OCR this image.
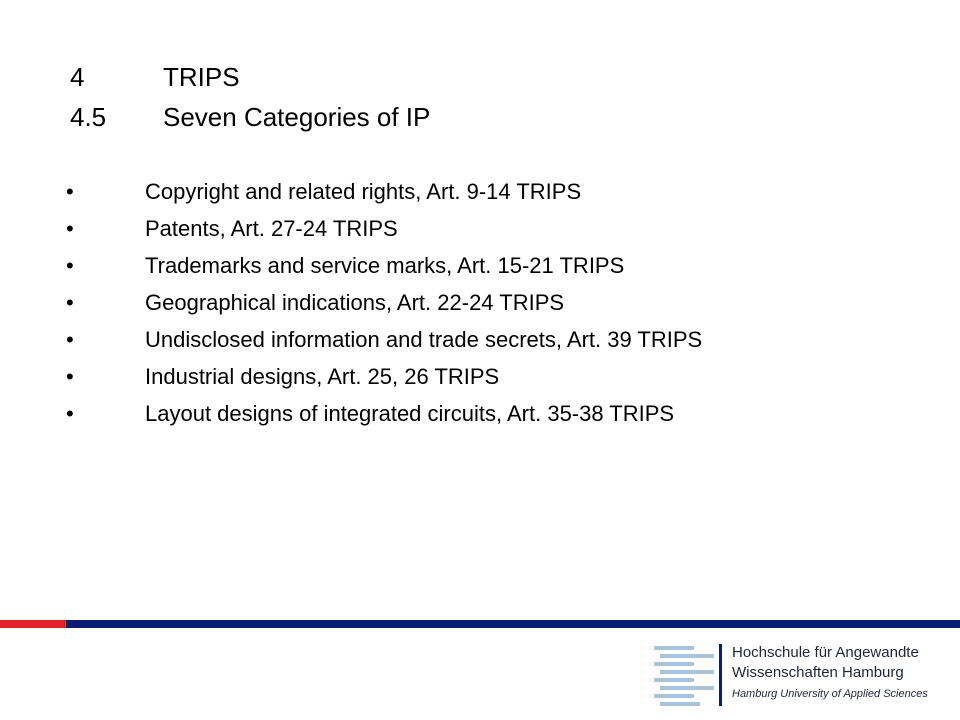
4	TRIPS
4.5 Seven Categories of IP
•	Copyright and related rights, Art. 9-14 TRIPS
•	Patents, Art. 27-24 TRIPS
•	Trademarks and service marks, Art. 15-21 TRIPS
•	Geographical indications, Art. 22-24 TRIPS
•	Undisclosed information and trade secrets, Art. 39 TRIPS
•	Industrial designs, Art. 25, 26 TRIPS
•	Layout designs of integrated circuits, Art. 35-38 TRIPS
Hochschule für Angewandte
Wissenschaften Hamburg
Hamburg University of Applied Sciences
